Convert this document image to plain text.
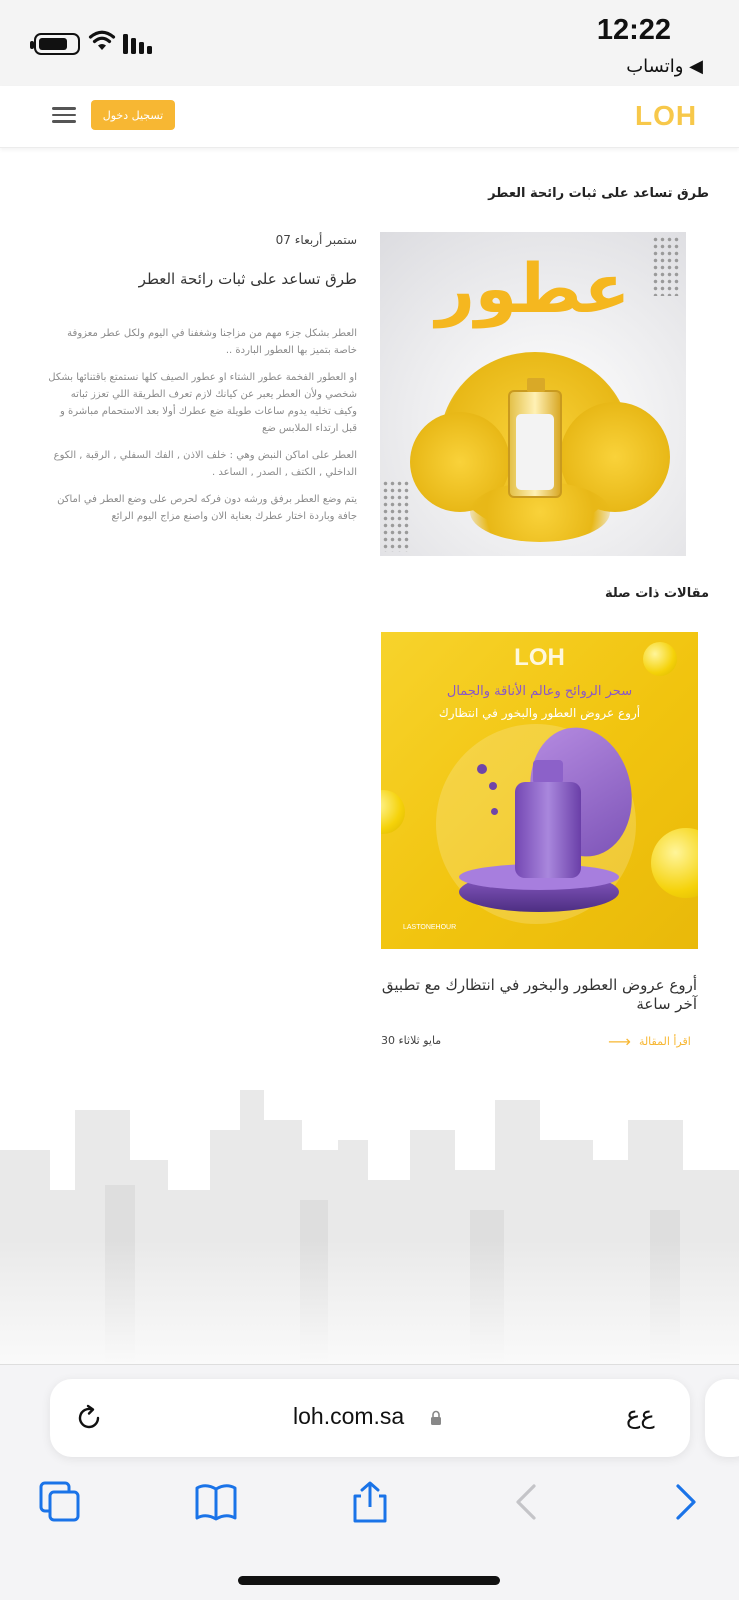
12:22
◀ واتساب
LOH
تسجيل دخول
طرق تساعد على ثبات رائحة العطر
عطور
ستمبر أربعاء 07
طرق تساعد على ثبات رائحة العطر

العطر بشكل جزء مهم من مزاجنا وشغفنا في اليوم ولكل عطر معزوفة خاصة بتميز بها العطور الباردة ..

او العطور الفخمة عطور الشتاء او عطور الصيف كلها نستمتع باقتنائها بشكل شخصي ولأن العطر يعبر عن كيانك لازم تعرف الطريقة اللي تعزز ثباته وكيف تخليه يدوم ساعات طويلة ضع عطرك أولا بعد الاستحمام مباشرة و قبل ارتداء الملابس ضع

العطر على اماكن النبض وهي : خلف الاذن , الفك السفلي , الرقبة , الكوع الداخلي , الكتف , الصدر , الساعد .

يتم وضع العطر برفق ورشه دون فركه لحرص على وضع العطر في اماكن جافة وباردة اختار عطرك بعناية الان واصنع مزاج اليوم الرائع

مقالات ذات صلة
LOH
سحر الروائح وعالم الأناقة والجمال
أروع عروض العطور والبخور في انتظارك
LASTONEHOUR
أروع عروض العطور والبخور في انتظارك مع تطبيق آخر ساعة
مايو ثلاثاء 30	اقرأ المقالة
⟶
loh.com.sa	ﻉﻉ
